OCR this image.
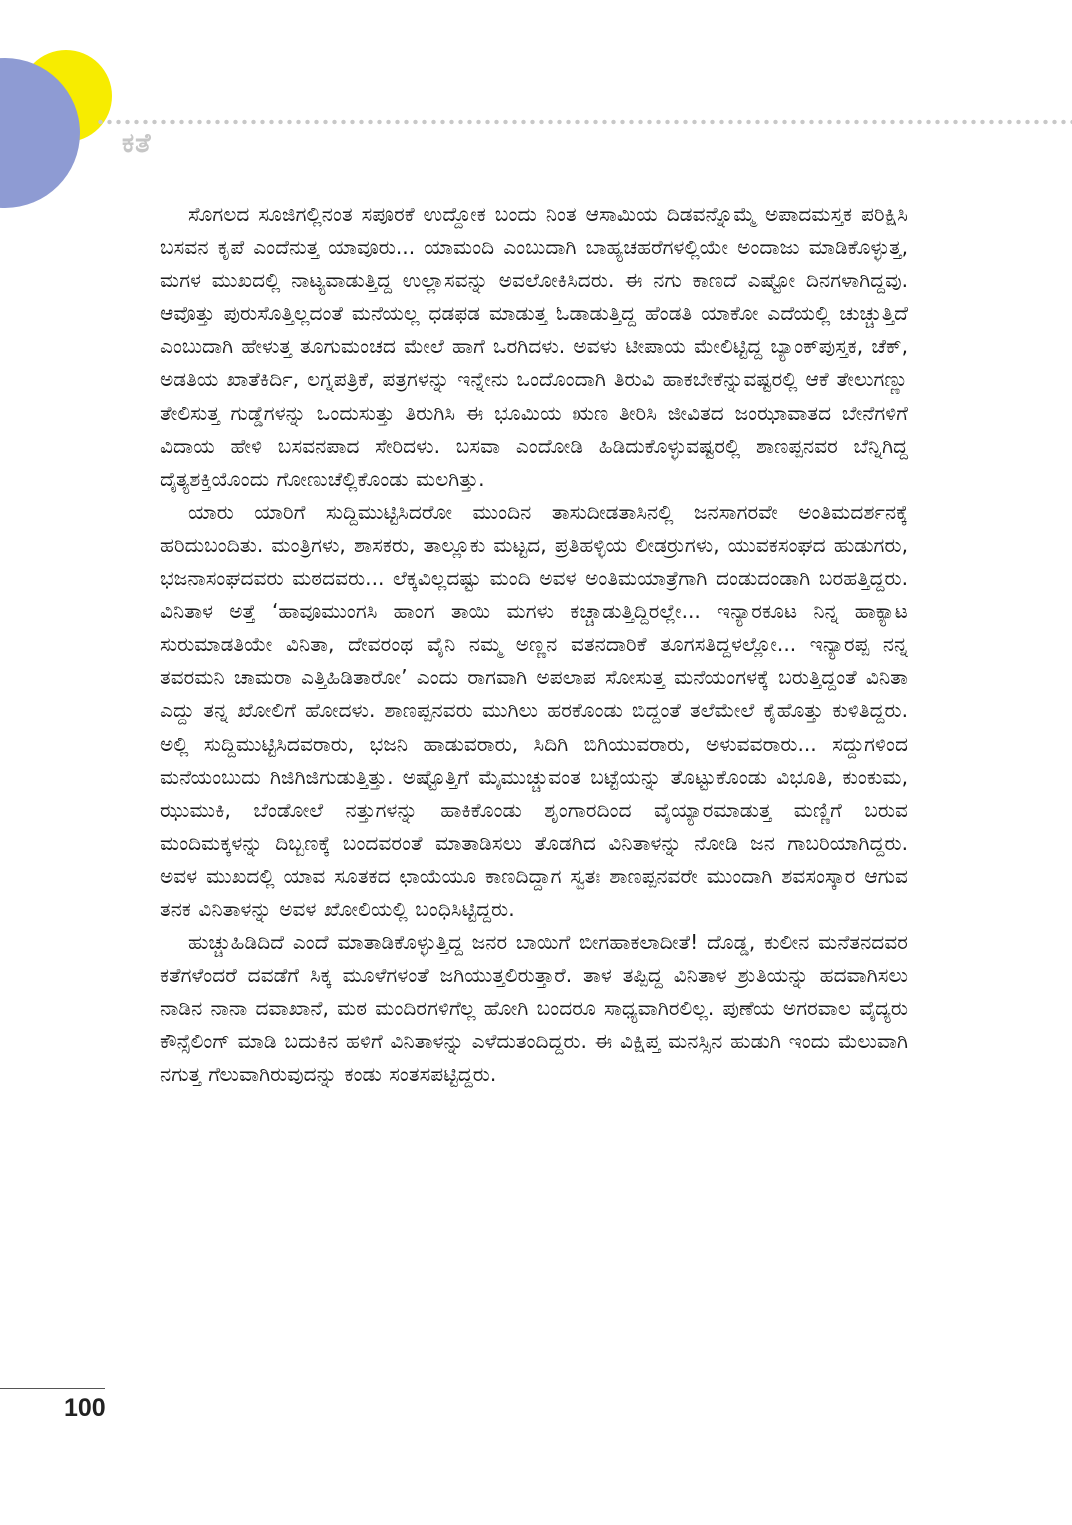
ಕತೆ

ಸೊಗಲದ ಸೂಜಿಗಲ್ಲಿನಂತ ಸಪೂರಕೆ ಉದ್ದೋಕ ಬಂದು ನಿಂತ ಆಸಾಮಿಯ ದಿಡವನ್ನೊಮ್ಮೆ ಅಪಾದಮಸ್ತಕ ಪರಿಕ್ಷಿಸಿ ಬಸವನ ಕೃಪೆ ಎಂದೆನುತ್ತ ಯಾವೂರು... ಯಾಮಂದಿ ಎಂಬುದಾಗಿ ಬಾಹ್ಯಚಹರೆಗಳಲ್ಲಿಯೇ ಅಂದಾಜು ಮಾಡಿಕೊಳ್ಳುತ್ತ, ಮಗಳ ಮುಖದಲ್ಲಿ ನಾಟ್ಯವಾಡುತ್ತಿದ್ದ ಉಲ್ಲಾಸವನ್ನು ಅವಲೋಕಿಸಿದರು. ಈ ನಗು ಕಾಣದೆ ಎಷ್ಟೋ ದಿನಗಳಾಗಿದ್ದವು. ಆವೊತ್ತು ಪುರುಸೊತ್ತಿಲ್ಲದಂತೆ ಮನೆಯಲ್ಲ ಧಡಫಡ ಮಾಡುತ್ತ ಓಡಾಡುತ್ತಿದ್ದ ಹೆಂಡತಿ ಯಾಕೋ ಎದೆಯಲ್ಲಿ ಚುಚ್ಚುತ್ತಿದೆ ಎಂಬುದಾಗಿ ಹೇಳುತ್ತ ತೂಗುಮಂಚದ ಮೇಲೆ ಹಾಗೆ ಒರಗಿದಳು. ಅವಳು ಟೀಪಾಯ ಮೇಲಿಟ್ಟಿದ್ದ ಬ್ಯಾಂಕ್‌ಪುಸ್ತಕ, ಚೆಕ್, ಅಡತಿಯ ಖಾತೆಕಿರ್ದಿ, ಲಗ್ನಪತ್ರಿಕೆ, ಪತ್ರಗಳನ್ನು ಇನ್ನೇನು ಒಂದೊಂದಾಗಿ ತಿರುವಿ ಹಾಕಬೇಕೆನ್ನುವಷ್ಟರಲ್ಲಿ ಆಕೆ ತೇಲುಗಣ್ಣು ತೇಲಿಸುತ್ತ ಗುಡ್ಡೆಗಳನ್ನು ಒಂದುಸುತ್ತು ತಿರುಗಿಸಿ ಈ ಭೂಮಿಯ ಋಣ ತೀರಿಸಿ ಜೀವಿತದ ಜಂಝಾವಾತದ ಬೇನೆಗಳಿಗೆ ವಿದಾಯ ಹೇಳಿ ಬಸವನಪಾದ ಸೇರಿದಳು. ಬಸವಾ ಎಂದೋಡಿ ಹಿಡಿದುಕೊಳ್ಳುವಷ್ಟರಲ್ಲಿ ಶಾಣಪ್ಪನವರ ಬೆನ್ನಿಗಿದ್ದ ದೈತ್ಯಶಕ್ತಿಯೊಂದು ಗೋಣುಚೆಲ್ಲಿಕೊಂಡು ಮಲಗಿತ್ತು.

ಯಾರು ಯಾರಿಗೆ ಸುದ್ದಿಮುಟ್ಟಿಸಿದರೋ ಮುಂದಿನ ತಾಸುದೀಡತಾಸಿನಲ್ಲಿ ಜನಸಾಗರವೇ ಅಂತಿಮದರ್ಶನಕ್ಕೆ ಹರಿದುಬಂದಿತು. ಮಂತ್ರಿಗಳು, ಶಾಸಕರು, ತಾಲ್ಲೂಕು ಮಟ್ಟದ, ಪ್ರತಿಹಳ್ಳಿಯ ಲೀಡರ‍್ರುಗಳು, ಯುವಕಸಂಘದ ಹುಡುಗರು, ಭಜನಾಸಂಘದವರು ಮಠದವರು... ಲೆಕ್ಕವಿಲ್ಲದಷ್ಟು ಮಂದಿ ಅವಳ ಅಂತಿಮಯಾತ್ರೆಗಾಗಿ ದಂಡುದಂಡಾಗಿ ಬರಹತ್ತಿದ್ದರು. ವಿನಿತಾಳ ಅತ್ತೆ ‘ಹಾವೂಮುಂಗಸಿ ಹಾಂಗ ತಾಯಿ ಮಗಳು ಕಚ್ಚಾಡುತ್ತಿದ್ದಿರಲ್ಲೇ... ಇನ್ಯಾರಕೂಟ ನಿನ್ನ ಹಾಕ್ಯಾಟ ಸುರುಮಾಡತಿಯೇ ವಿನಿತಾ, ದೇವರಂಥ ವೈನಿ ನಮ್ಮ ಅಣ್ಣನ ವತನದಾರಿಕೆ ತೂಗಸತಿದ್ದಳಲ್ಲೋ... ಇನ್ಯಾರಪ್ಪ ನನ್ನ ತವರಮನಿ ಚಾಮರಾ ಎತ್ತಿಹಿಡಿತಾರೋ’ ಎಂದು ರಾಗವಾಗಿ ಅಪಲಾಪ ಸೋಸುತ್ತ ಮನೆಯಂಗಳಕ್ಕೆ ಬರುತ್ತಿದ್ದಂತೆ ವಿನಿತಾ ಎದ್ದು ತನ್ನ ಖೋಲಿಗೆ ಹೋದಳು. ಶಾಣಪ್ಪನವರು ಮುಗಿಲು ಹರಕೊಂಡು ಬಿದ್ದಂತೆ ತಲೆಮೇಲೆ ಕೈಹೊತ್ತು ಕುಳಿತಿದ್ದರು. ಅಲ್ಲಿ ಸುದ್ದಿಮುಟ್ಟಿಸಿದವರಾರು, ಭಜನಿ ಹಾಡುವರಾರು, ಸಿದಿಗಿ ಬಿಗಿಯುವರಾರು, ಅಳುವವರಾರು... ಸದ್ದುಗಳಿಂದ ಮನೆಯಂಬುದು ಗಿಜಿಗಿಜಿಗುಡುತ್ತಿತ್ತು. ಅಷ್ಟೊತ್ತಿಗೆ ಮೈಮುಚ್ಚುವಂತ ಬಟ್ಟೆಯನ್ನು ತೊಟ್ಟುಕೊಂಡು ವಿಭೂತಿ, ಕುಂಕುಮ, ಝುಮುಕಿ, ಬೆಂಡೋಲೆ ನತ್ತುಗಳನ್ನು ಹಾಕಿಕೊಂಡು ಶೃಂಗಾರದಿಂದ ವೈಯ್ಯಾರಮಾಡುತ್ತ ಮಣ್ಣಿಗೆ ಬರುವ ಮಂದಿಮಕ್ಕಳನ್ನು ದಿಬ್ಬಣಕ್ಕೆ ಬಂದವರಂತೆ ಮಾತಾಡಿಸಲು ತೊಡಗಿದ ವಿನಿತಾಳನ್ನು ನೋಡಿ ಜನ ಗಾಬರಿಯಾಗಿದ್ದರು. ಅವಳ ಮುಖದಲ್ಲಿ ಯಾವ ಸೂತಕದ ಛಾಯೆಯೂ ಕಾಣದಿದ್ದಾಗ ಸ್ವತಃ ಶಾಣಪ್ಪನವರೇ ಮುಂದಾಗಿ ಶವಸಂಸ್ಕಾರ ಆಗುವ ತನಕ ವಿನಿತಾಳನ್ನು ಅವಳ ಖೋಲಿಯಲ್ಲಿ ಬಂಧಿಸಿಟ್ಟಿದ್ದರು.

ಹುಚ್ಚುಹಿಡಿದಿದೆ ಎಂದೆ ಮಾತಾಡಿಕೊಳ್ಳುತ್ತಿದ್ದ ಜನರ ಬಾಯಿಗೆ ಬೀಗಹಾಕಲಾದೀತೆ! ದೊಡ್ಡ, ಕುಲೀನ ಮನೆತನದವರ ಕತೆಗಳೆಂದರೆ ದವಡೆಗೆ ಸಿಕ್ಕ ಮೂಳೆಗಳಂತೆ ಜಗಿಯುತ್ತಲಿರುತ್ತಾರೆ. ತಾಳ ತಪ್ಪಿದ್ದ ವಿನಿತಾಳ ಶ್ರುತಿಯನ್ನು ಹದವಾಗಿಸಲು ನಾಡಿನ ನಾನಾ ದವಾಖಾನೆ, ಮಠ ಮಂದಿರಗಳಿಗೆಲ್ಲ ಹೋಗಿ ಬಂದರೂ ಸಾಧ್ಯವಾಗಿರಲಿಲ್ಲ. ಪುಣೆಯ ಅಗರವಾಲ ವೈದ್ಯರು ಕೌನ್ಸೆಲಿಂಗ್ ಮಾಡಿ ಬದುಕಿನ ಹಳಿಗೆ ವಿನಿತಾಳನ್ನು ಎಳೆದುತಂದಿದ್ದರು. ಈ ವಿಕ್ಷಿಪ್ತ ಮನಸ್ಸಿನ ಹುಡುಗಿ ಇಂದು ಮೆಲುವಾಗಿ ನಗುತ್ತ ಗೆಲುವಾಗಿರುವುದನ್ನು ಕಂಡು ಸಂತಸಪಟ್ಟಿದ್ದರು.

100
